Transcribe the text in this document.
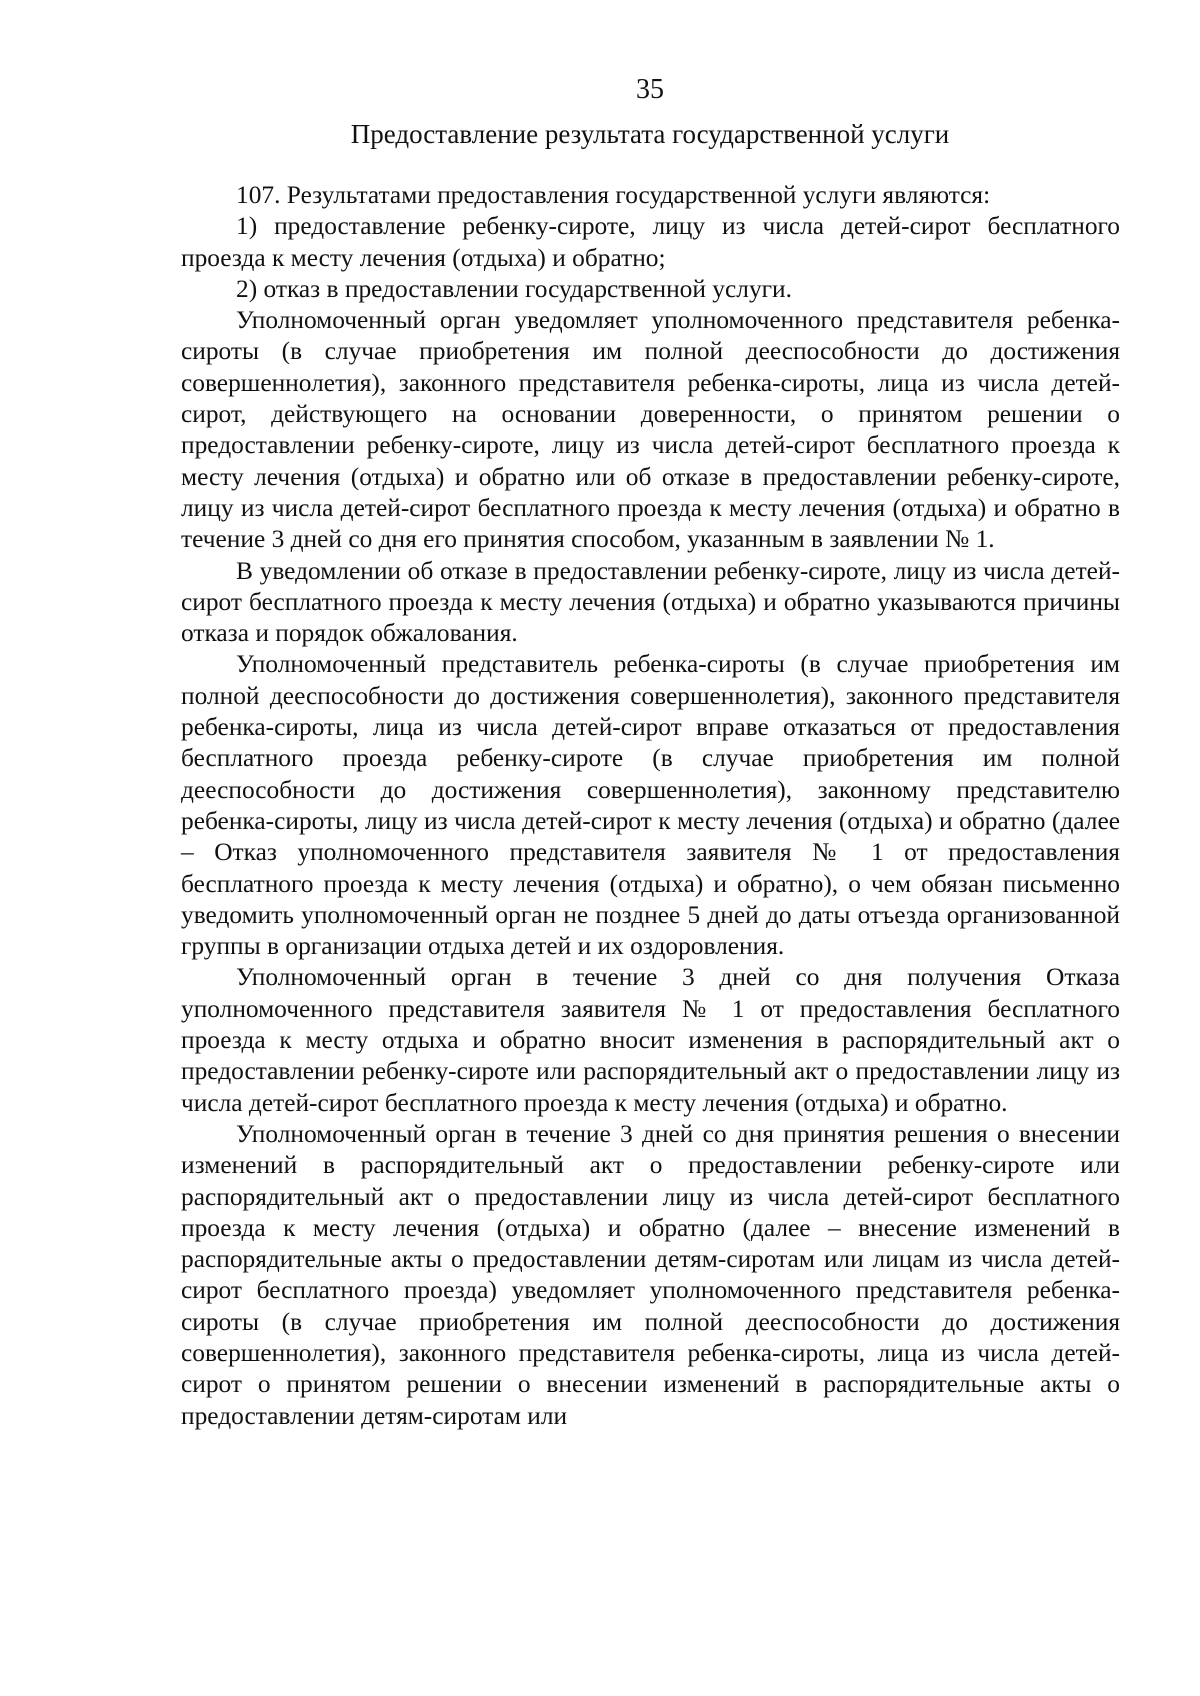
35
Предоставление результата государственной услуги

107. Результатами предоставления государственной услуги являются:

1) предоставление ребенку-сироте, лицу из числа детей-сирот бесплатного проезда к месту лечения (отдыха) и обратно;

2) отказ в предоставлении государственной услуги.

Уполномоченный орган уведомляет уполномоченного представителя ребенка-сироты (в случае приобретения им полной дееспособности до достижения совершеннолетия), законного представителя ребенка-сироты, лица из числа детей-сирот, действующего на основании доверенности, о принятом решении о предоставлении ребенку-сироте, лицу из числа детей-сирот бесплатного проезда к месту лечения (отдыха) и обратно или об отказе в предоставлении ребенку-сироте, лицу из числа детей-сирот бесплатного проезда к месту лечения (отдыха) и обратно в течение 3 дней со дня его принятия способом, указанным в заявлении № 1.

В уведомлении об отказе в предоставлении ребенку-сироте, лицу из числа детей-сирот бесплатного проезда к месту лечения (отдыха) и обратно указываются причины отказа и порядок обжалования.

Уполномоченный представитель ребенка-сироты (в случае приобретения им полной дееспособности до достижения совершеннолетия), законного представителя ребенка-сироты, лица из числа детей-сирот вправе отказаться от предоставления бесплатного проезда ребенку-сироте (в случае приобретения им полной дееспособности до достижения совершеннолетия), законному представителю ребенка-сироты, лицу из числа детей-сирот к месту лечения (отдыха) и обратно (далее – Отказ уполномоченного представителя заявителя № 1 от предоставления бесплатного проезда к месту лечения (отдыха) и обратно), о чем обязан письменно уведомить уполномоченный орган не позднее 5 дней до даты отъезда организованной группы в организации отдыха детей и их оздоровления.

Уполномоченный орган в течение 3 дней со дня получения Отказа уполномоченного представителя заявителя № 1 от предоставления бесплатного проезда к месту отдыха и обратно вносит изменения в распорядительный акт о предоставлении ребенку-сироте или распорядительный акт о предоставлении лицу из числа детей-сирот бесплатного проезда к месту лечения (отдыха) и обратно.

Уполномоченный орган в течение 3 дней со дня принятия решения о внесении изменений в распорядительный акт о предоставлении ребенку-сироте или распорядительный акт о предоставлении лицу из числа детей-сирот бесплатного проезда к месту лечения (отдыха) и обратно (далее – внесение изменений в распорядительные акты о предоставлении детям-сиротам или лицам из числа детей-сирот бесплатного проезда) уведомляет уполномоченного представителя ребенка-сироты (в случае приобретения им полной дееспособности до достижения совершеннолетия), законного представителя ребенка-сироты, лица из числа детей-сирот о принятом решении о внесении изменений в распорядительные акты о предоставлении детям-сиротам или
